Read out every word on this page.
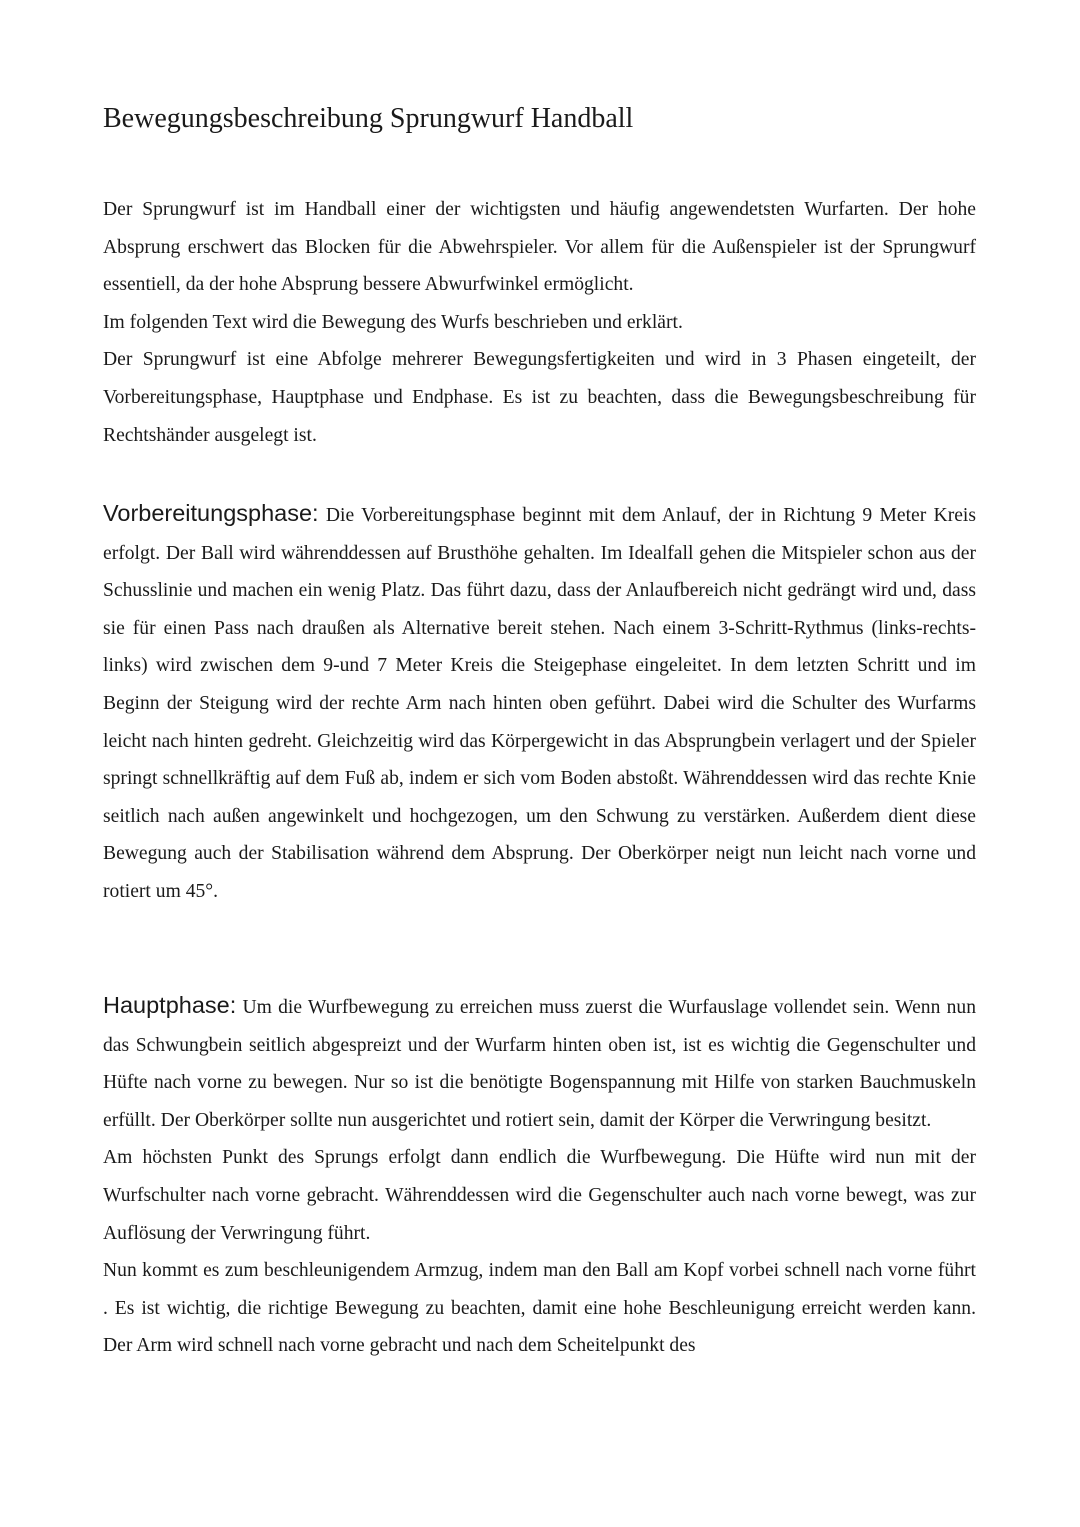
Bewegungsbeschreibung Sprungwurf Handball

Der Sprungwurf ist im Handball einer der wichtigsten und häufig angewendetsten Wurfarten. Der hohe Absprung erschwert das Blocken für die Abwehrspieler. Vor allem für die Außenspieler ist der Sprungwurf essentiell, da der hohe Absprung bessere Abwurfwinkel ermöglicht.

Im folgenden Text wird die Bewegung des Wurfs beschrieben und erklärt.

Der Sprungwurf ist eine Abfolge mehrerer Bewegungsfertigkeiten und wird in 3 Phasen eingeteilt, der Vorbereitungsphase, Hauptphase und Endphase. Es ist zu beachten, dass die Bewegungsbeschreibung für Rechtshänder ausgelegt ist.

Vorbereitungsphase: Die Vorbereitungsphase beginnt mit dem Anlauf, der in Richtung 9 Meter Kreis erfolgt. Der Ball wird währenddessen auf Brusthöhe gehalten. Im Idealfall gehen die Mitspieler schon aus der Schusslinie und machen ein wenig Platz. Das führt dazu, dass der Anlaufbereich nicht gedrängt wird und, dass sie für einen Pass nach draußen als Alternative bereit stehen. Nach einem 3-Schritt-Rythmus (links-rechts-links) wird zwischen dem 9-und 7 Meter Kreis die Steigephase eingeleitet. In dem letzten Schritt und im Beginn der Steigung wird der rechte Arm nach hinten oben geführt. Dabei wird die Schulter des Wurfarms leicht nach hinten gedreht. Gleichzeitig wird das Körpergewicht in das Absprungbein verlagert und der Spieler springt schnellkräftig auf dem Fuß ab, indem er sich vom Boden abstoßt. Währenddessen wird das rechte Knie seitlich nach außen angewinkelt und hochgezogen, um den Schwung zu verstärken. Außerdem dient diese Bewegung auch der Stabilisation während dem Absprung. Der Oberkörper neigt nun leicht nach vorne und rotiert um 45°.

Hauptphase: Um die Wurfbewegung zu erreichen muss zuerst die Wurfauslage vollendet sein. Wenn nun das Schwungbein seitlich abgespreizt und der Wurfarm hinten oben ist, ist es wichtig die Gegenschulter und Hüfte nach vorne zu bewegen. Nur so ist die benötigte Bogenspannung mit Hilfe von starken Bauchmuskeln erfüllt. Der Oberkörper sollte nun ausgerichtet und rotiert sein, damit der Körper die Verwringung besitzt.

Am höchsten Punkt des Sprungs erfolgt dann endlich die Wurfbewegung. Die Hüfte wird nun mit der Wurfschulter nach vorne gebracht. Währenddessen wird die Gegenschulter auch nach vorne bewegt, was zur Auflösung der Verwringung führt.

Nun kommt es zum beschleunigendem Armzug, indem man den Ball am Kopf vorbei schnell nach vorne führt . Es ist wichtig, die richtige Bewegung zu beachten, damit eine hohe Beschleunigung erreicht werden kann. Der Arm wird schnell nach vorne gebracht und nach dem Scheitelpunkt des
